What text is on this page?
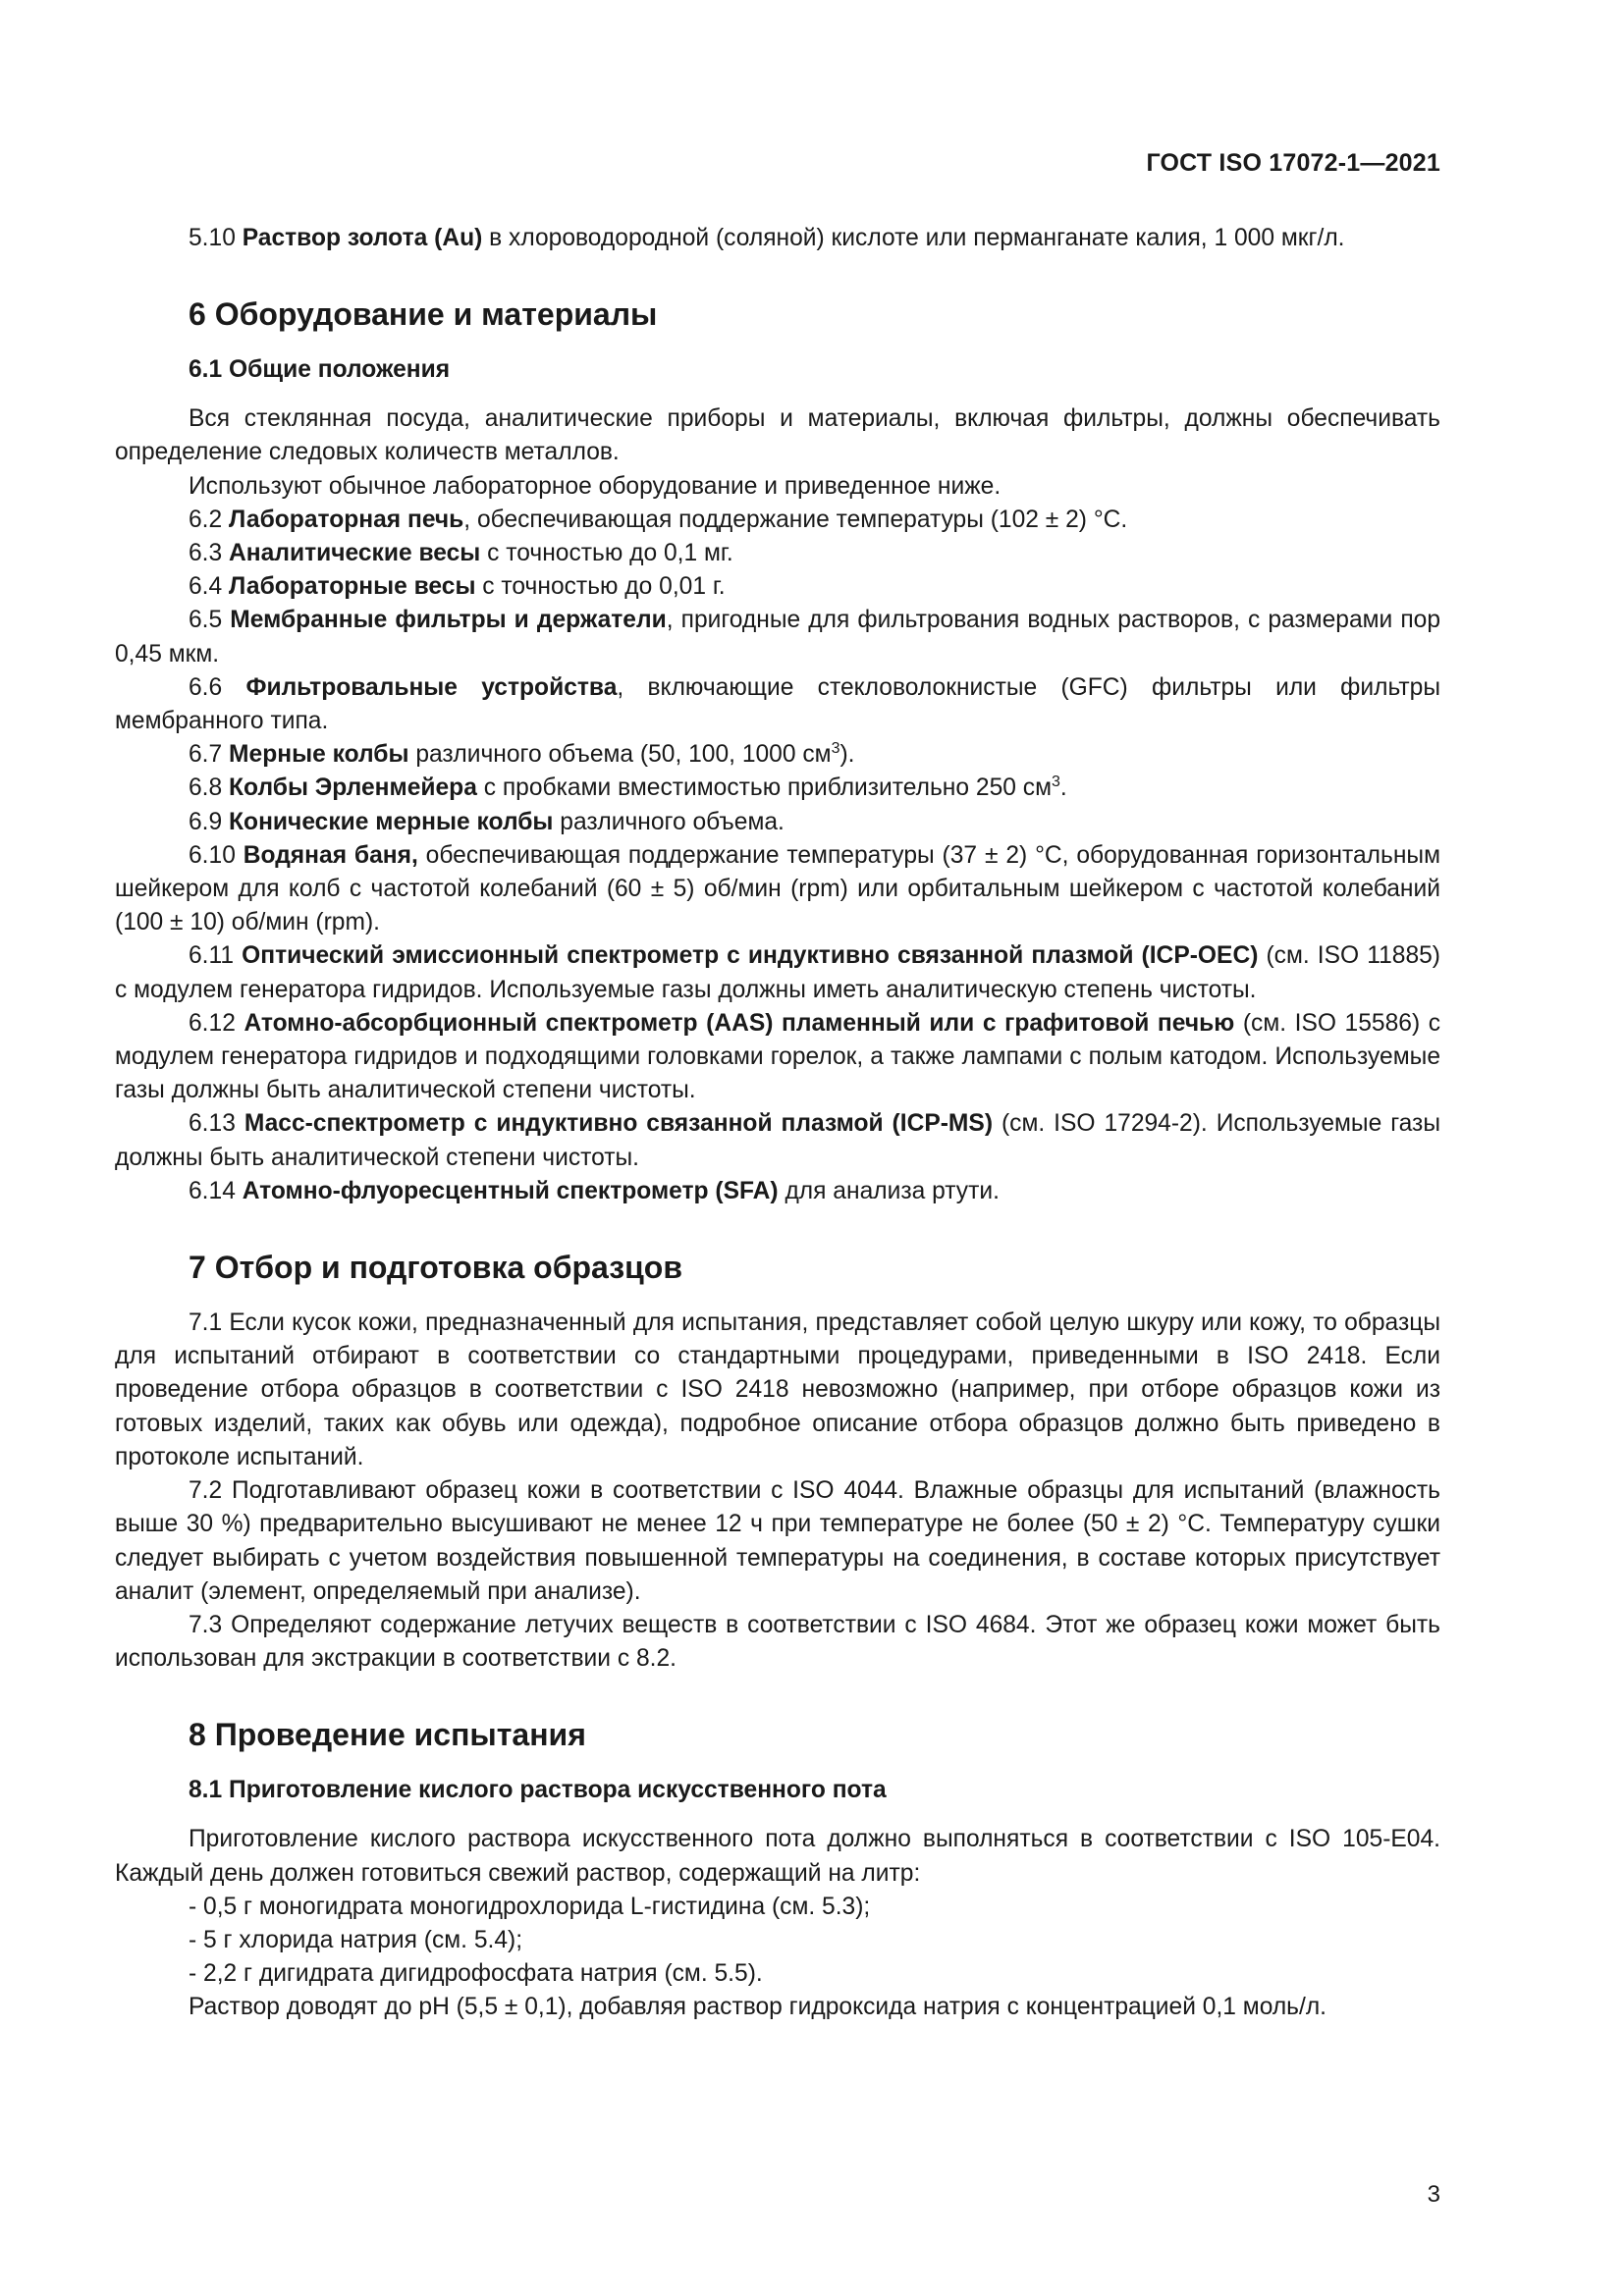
ГОСТ ISO 17072-1—2021

5.10 Раствор золота (Au) в хлороводородной (соляной) кислоте или перманганате калия, 1 000 мкг/л.

6 Оборудование и материалы
6.1 Общие положения

Вся стеклянная посуда, аналитические приборы и материалы, включая фильтры, должны обеспечивать определение следовых количеств металлов.

Используют обычное лабораторное оборудование и приведенное ниже.

6.2 Лабораторная печь, обеспечивающая поддержание температуры (102 ± 2) °С.

6.3 Аналитические весы с точностью до 0,1 мг.

6.4 Лабораторные весы с точностью до 0,01 г.

6.5 Мембранные фильтры и держатели, пригодные для фильтрования водных растворов, с размерами пор 0,45 мкм.

6.6 Фильтровальные устройства, включающие стекловолокнистые (GFC) фильтры или фильтры мембранного типа.

6.7 Мерные колбы различного объема (50, 100, 1000 $см^3$).

6.8 Колбы Эрленмейера с пробками вместимостью приблизительно 250 $см^3$.

6.9 Конические мерные колбы различного объема.

6.10 Водяная баня, обеспечивающая поддержание температуры (37 ± 2) °С, оборудованная горизонтальным шейкером для колб с частотой колебаний (60 ± 5) об/мин (rpm) или орбитальным шейкером с частотой колебаний (100 ± 10) об/мин (rpm).

6.11 Оптический эмиссионный спектрометр с индуктивно связанной плазмой (ICP-OEC) (см. ISO 11885) с модулем генератора гидридов. Используемые газы должны иметь аналитическую степень чистоты.

6.12 Атомно-абсорбционный спектрометр (AAS) пламенный или с графитовой печью (см. ISO 15586) с модулем генератора гидридов и подходящими головками горелок, а также лампами с полым катодом. Используемые газы должны быть аналитической степени чистоты.

6.13 Масс-спектрометр с индуктивно связанной плазмой (ICP-MS) (см. ISO 17294-2). Используемые газы должны быть аналитической степени чистоты.

6.14 Атомно-флуоресцентный спектрометр (SFA) для анализа ртути.

7 Отбор и подготовка образцов

7.1 Если кусок кожи, предназначенный для испытания, представляет собой целую шкуру или кожу, то образцы для испытаний отбирают в соответствии со стандартными процедурами, приведенными в ISO 2418. Если проведение отбора образцов в соответствии с ISO 2418 невозможно (например, при отборе образцов кожи из готовых изделий, таких как обувь или одежда), подробное описание отбора образцов должно быть приведено в протоколе испытаний.

7.2 Подготавливают образец кожи в соответствии с ISO 4044. Влажные образцы для испытаний (влажность выше 30 %) предварительно высушивают не менее 12 ч при температуре не более (50 ± 2) °С. Температуру сушки следует выбирать с учетом воздействия повышенной температуры на соединения, в составе которых присутствует аналит (элемент, определяемый при анализе).

7.3 Определяют содержание летучих веществ в соответствии с ISO 4684. Этот же образец кожи может быть использован для экстракции в соответствии с 8.2.

8 Проведение испытания
8.1 Приготовление кислого раствора искусственного пота

Приготовление кислого раствора искусственного пота должно выполняться в соответствии с ISO 105-E04. Каждый день должен готовиться свежий раствор, содержащий на литр:

- 0,5 г моногидрата моногидрохлорида L-гистидина (см. 5.3);

- 5 г хлорида натрия (см. 5.4);

- 2,2 г дигидрата дигидрофосфата натрия (см. 5.5).

Раствор доводят до pH (5,5 ± 0,1), добавляя раствор гидроксида натрия с концентрацией 0,1 моль/л.

3
